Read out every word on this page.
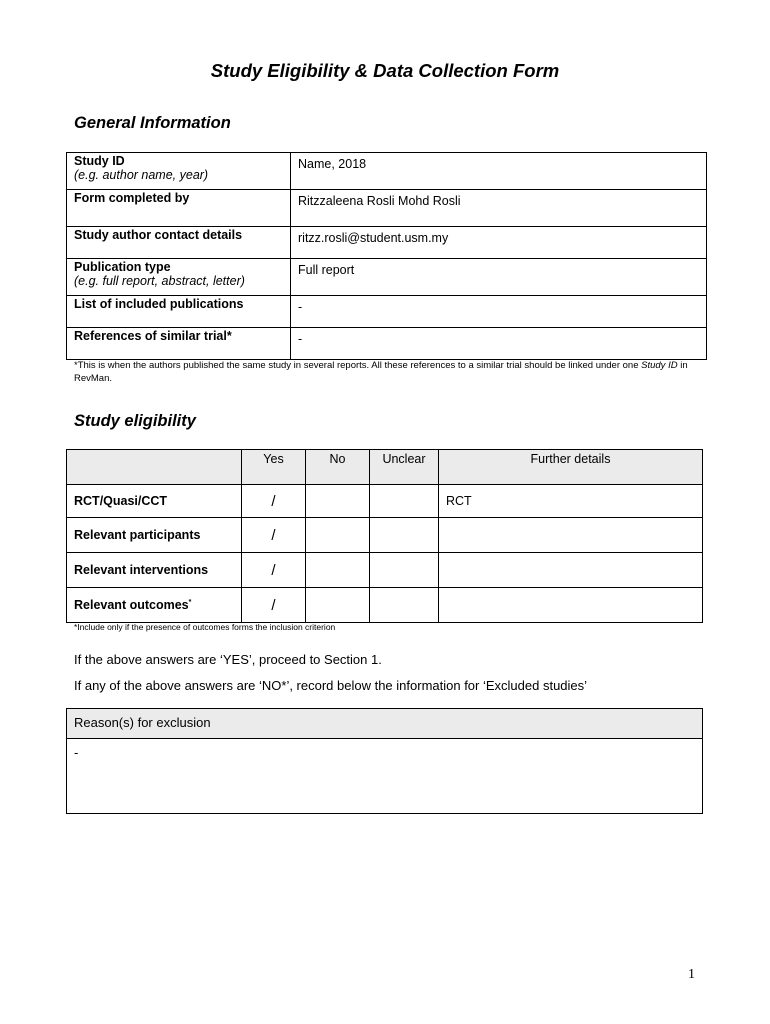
Study Eligibility & Data Collection Form
General Information
Study ID
(e.g. author name, year)	Name, 2018
Form completed by	Ritzzaleena Rosli Mohd Rosli
Study author contact details	ritzz.rosli@student.usm.my
Publication type
(e.g. full report, abstract, letter)	Full report
List of included publications	-
References of similar trial*	-
*This is when the authors published the same study in several reports. All these references to a similar trial should be linked under one Study ID in RevMan.
Study eligibility
	Yes	No	Unclear	Further details
RCT/Quasi/CCT	/			RCT
Relevant participants	/			
Relevant interventions	/			
Relevant outcomes*	/			
*Include only if the presence of outcomes forms the inclusion criterion
If the above answers are ‘YES’, proceed to Section 1.
If any of the above answers are ‘NO*’, record below the information for ‘Excluded studies’
Reason(s) for exclusion
-
1
